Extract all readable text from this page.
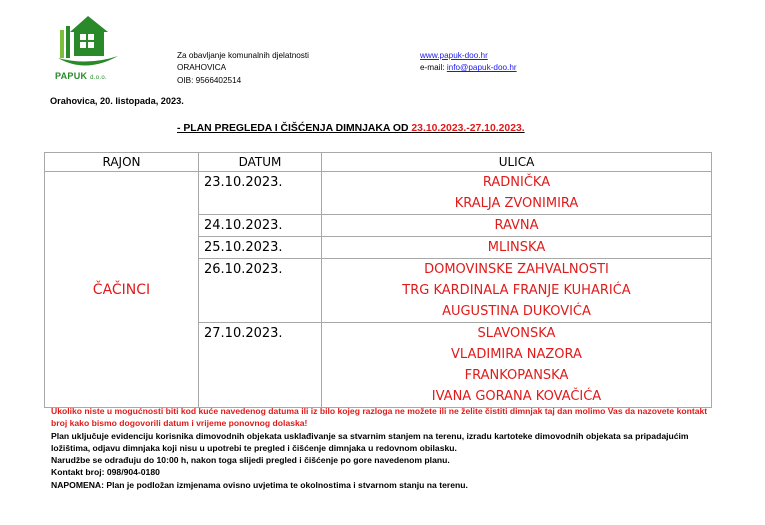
PAPUK d.o.o.
Za obavljanje komunalnih djelatnosti
ORAHOVICA
OIB: 9566402514
www.papuk-doo.hr
e-mail: info@papuk-doo.hr
Orahovica, 20. listopada, 2023.
- PLAN PREGLEDA I ČIŠĆENJA DIMNJAKA OD 23.10.2023.-27.10.2023.
RAJON	DATUM	ULICA
ČAČINCI	23.10.2023.	RADNIČKA
KRALJA ZVONIMIRA

	24.10.2023.	RAVNA

	25.10.2023.	MLINSKA

	26.10.2023.	DOMOVINSKE ZAHVALNOSTI
TRG KARDINALA FRANJE KUHARIĆA
AUGUSTINA DUKOVIĆA

	27.10.2023.	SLAVONSKA
VLADIMIRA NAZORA
FRANKOPANSKA
IVANA GORANA KOVAČIĆA

Ukoliko niste u mogućnosti biti kod kuće navedenog datuma ili iz bilo kojeg razloga ne možete ili ne želite čistiti dimnjak taj dan molimo Vas da nazovete kontakt broj kako bismo dogovorili datum i vrijeme ponovnog dolaska!

Plan uključuje evidenciju korisnika dimovodnih objekata usklađivanje sa stvarnim stanjem na terenu, izradu kartoteke dimovodnih objekata sa pripadajućim ložištima, odjavu dimnjaka koji nisu u upotrebi te pregled i čišćenje dimnjaka u redovnom obilasku.

Narudžbe se odrađuju do 10:00 h, nakon toga slijedi pregled i čišćenje po gore navedenom planu.

Kontakt broj: 098/904-0180

NAPOMENA: Plan je podložan izmjenama ovisno uvjetima te okolnostima i stvarnom stanju na terenu.
